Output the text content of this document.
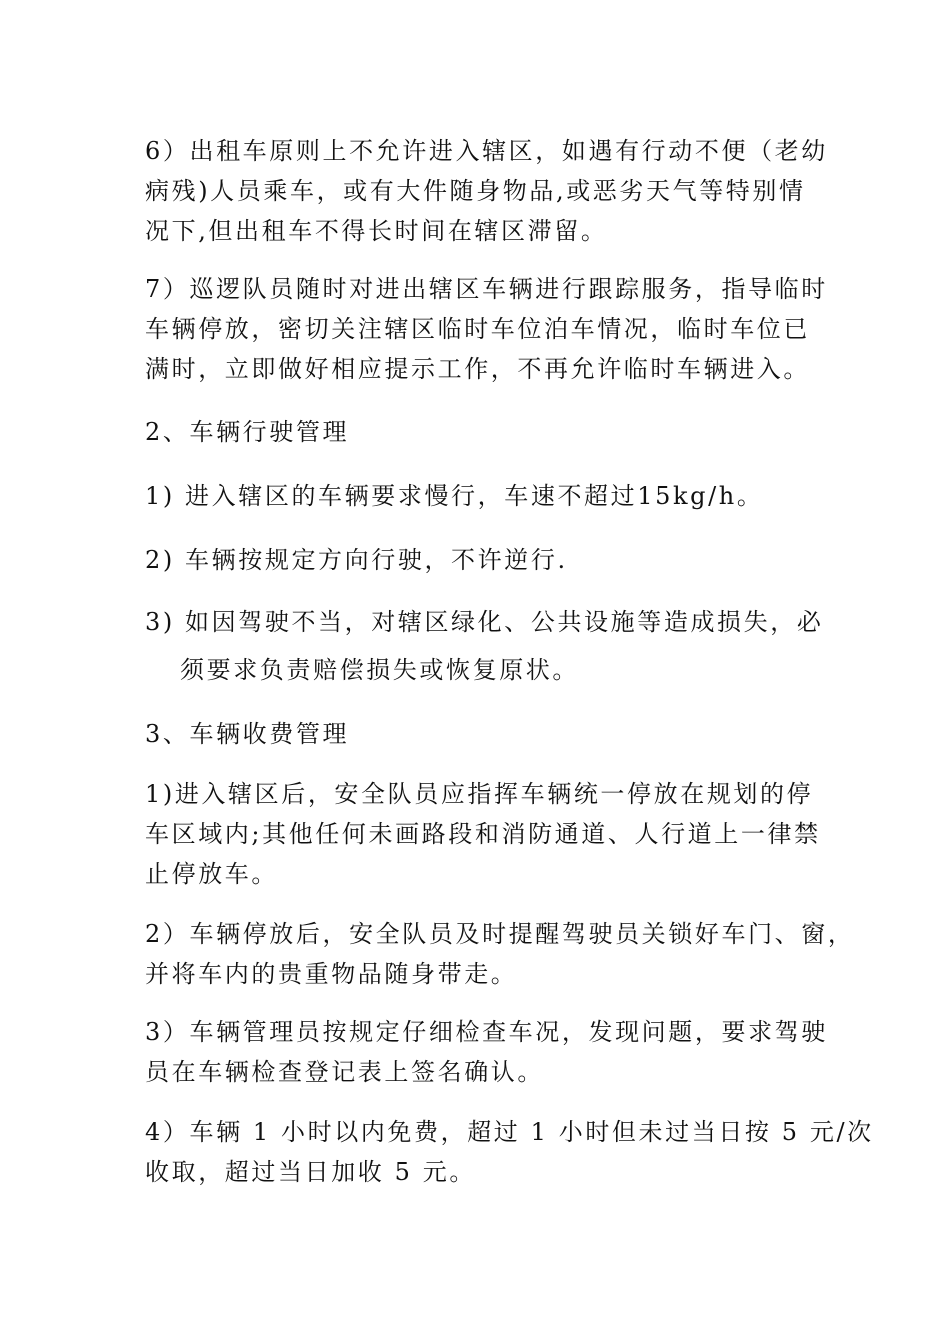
6）出租车原则上不允许进入辖区，如遇有行动不便（老幼
病残)人员乘车，或有大件随身物品,或恶劣天气等特别情
况下,但出租车不得长时间在辖区滞留。
7）巡逻队员随时对进出辖区车辆进行跟踪服务，指导临时
车辆停放，密切关注辖区临时车位泊车情况，临时车位已
满时，立即做好相应提示工作，不再允许临时车辆进入。
2、车辆行驶管理
1) 进入辖区的车辆要求慢行，车速不超过15kg/h。
2) 车辆按规定方向行驶，不许逆行.
3) 如因驾驶不当，对辖区绿化、公共设施等造成损失，必
须要求负责赔偿损失或恢复原状。
3、车辆收费管理
1)进入辖区后，安全队员应指挥车辆统一停放在规划的停
车区域内;其他任何未画路段和消防通道、人行道上一律禁
止停放车。
2）车辆停放后，安全队员及时提醒驾驶员关锁好车门、窗，
并将车内的贵重物品随身带走。
3）车辆管理员按规定仔细检查车况，发现问题，要求驾驶
员在车辆检查登记表上签名确认。
4）车辆 1 小时以内免费，超过 1 小时但未过当日按 5 元/次
收取，超过当日加收 5 元。
